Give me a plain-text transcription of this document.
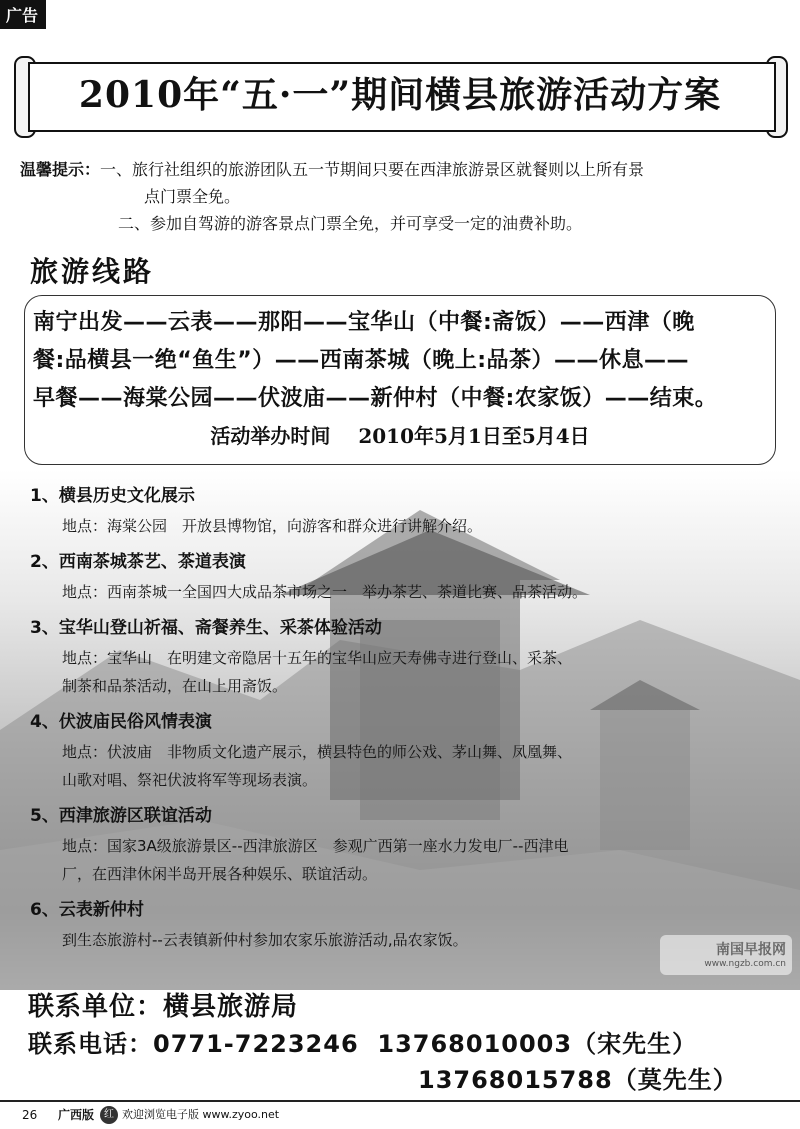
广告
2010年“五·一”期间横县旅游活动方案
温馨提示：一、旅行社组织的旅游团队五一节期间只要在西津旅游景区就餐则以上所有景
点门票全免。
二、参加自驾游的游客景点门票全免，并可享受一定的油费补助。
旅游线路
南宁出发——云表——那阳——宝华山（中餐:斋饭）——西津（晚
餐:品横县一绝“鱼生”）——西南茶城（晚上:品茶）——休息——
早餐——海棠公园——伏波庙——新仲村（中餐:农家饭）——结束。
活动举办时间 2010年5月1日至5月4日
1、横县历史文化展示
地点：海棠公园　开放县博物馆，向游客和群众进行讲解介绍。
2、西南茶城茶艺、茶道表演
地点：西南茶城一全国四大成品茶市场之一　举办茶艺、茶道比赛、品茶活动。
3、宝华山登山祈福、斋餐养生、采茶体验活动
地点：宝华山　在明建文帝隐居十五年的宝华山应天寿佛寺进行登山、采茶、
制茶和品茶活动，在山上用斋饭。
4、伏波庙民俗风情表演
地点：伏波庙　非物质文化遗产展示，横县特色的师公戏、茅山舞、凤凰舞、
山歌对唱、祭祀伏波将军等现场表演。
5、西津旅游区联谊活动
地点：国家3A级旅游景区--西津旅游区　参观广西第一座水力发电厂--西津电
厂，在西津休闲半岛开展各种娱乐、联谊活动。
6、云表新仲村
到生态旅游村--云表镇新仲村参加农家乐旅游活动,品农家饭。
南国早报网
www.ngzb.com.cn
联系单位：横县旅游局
联系电话：0771-7223246 13768010003（宋先生）
13768015788（莫先生）
26 广西版 红 欢迎浏览电子版 www.zyoo.net
